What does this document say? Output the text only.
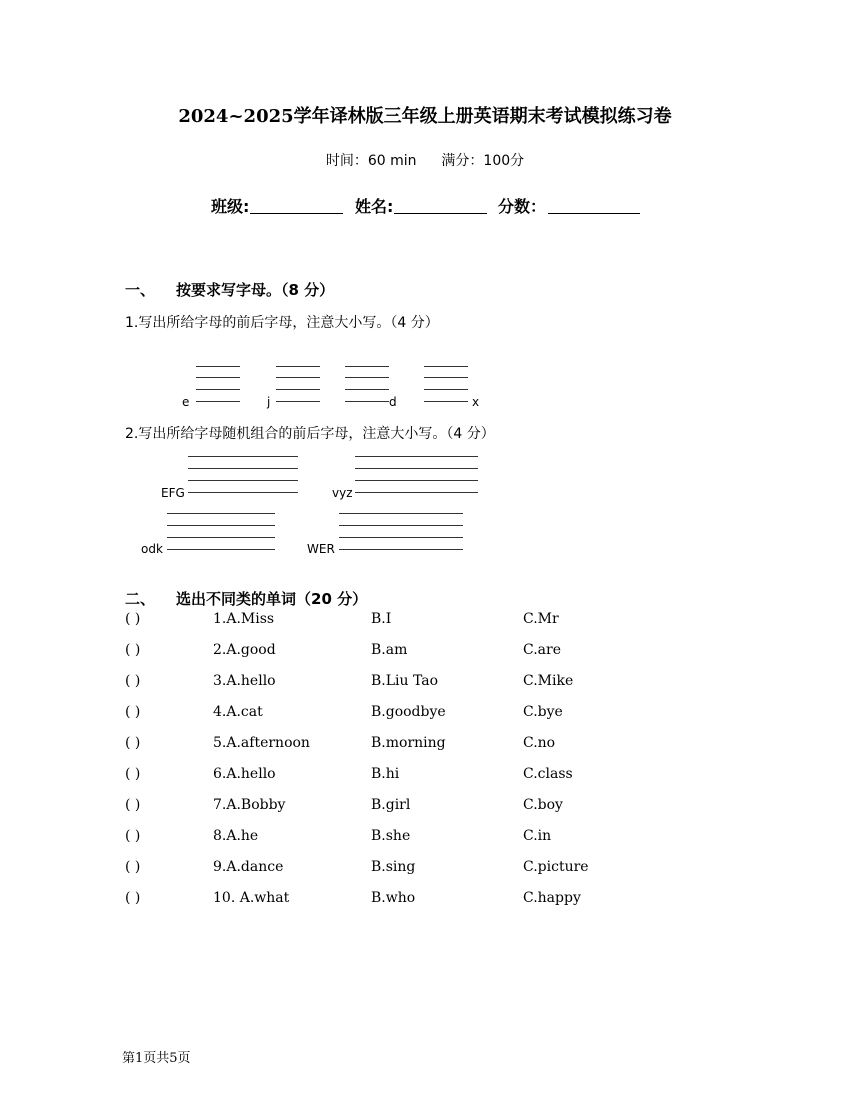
2024~2025学年译林版三年级上册英语期末考试模拟练习卷
时间：60 min 满分：100分
班级:	姓名:	分数：
一、 按要求写字母。（8 分）
1.写出所给字母的前后字母，注意大小写。（4 分）
e	j	d	x
2.写出所给字母随机组合的前后字母，注意大小写。（4 分）
EFG	vyz
odk	WER
二、 选出不同类的单词（20 分）
( )	1.A.Miss	B.I	C.Mr
( )	2.A.good	B.am	C.are
( )	3.A.hello	B.Liu Tao	C.Mike
( )	4.A.cat	B.goodbye	C.bye
( )	5.A.afternoon	B.morning	C.no
( )	6.A.hello	B.hi	C.class
( )	7.A.Bobby	B.girl	C.boy
( )	8.A.he	B.she	C.in
( )	9.A.dance	B.sing	C.picture
( )	10. A.what	B.who	C.happy
第1页共5页
